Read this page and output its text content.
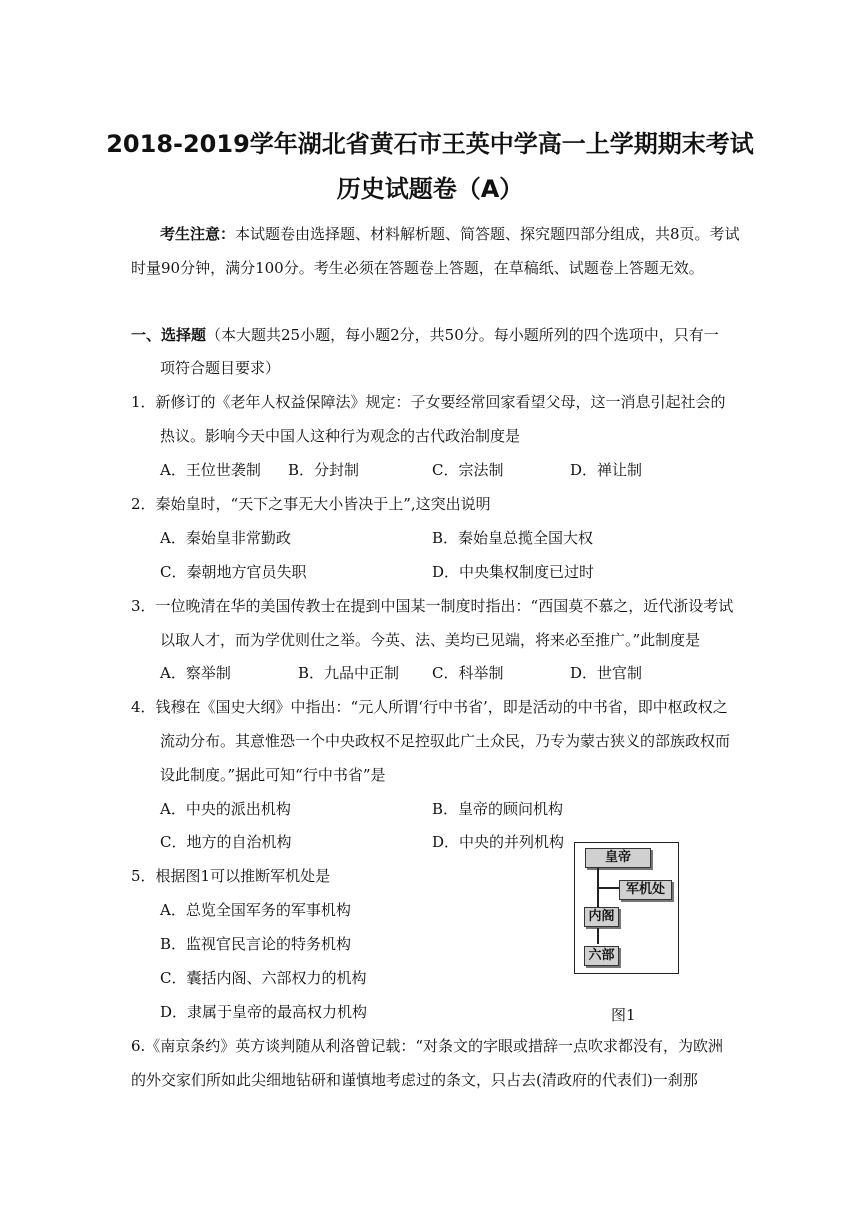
2018-2019学年湖北省黄石市王英中学高一上学期期末考试
历史试题卷（A）
考生注意：本试题卷由选择题、材料解析题、简答题、探究题四部分组成，共8页。考试
时量90分钟，满分100分。考生必须在答题卷上答题，在草稿纸、试题卷上答题无效。
一、选择题（本大题共25小题，每小题2分，共50分。每小题所列的四个选项中，只有一
项符合题目要求）
1．新修订的《老年人权益保障法》规定：子女要经常回家看望父母，这一消息引起社会的
热议。影响今天中国人这种行为观念的古代政治制度是
A．王位世袭制 B．分封制	C．宗法制	D．禅让制
2．秦始皇时，“天下之事无大小皆决于上”,这突出说明
A．秦始皇非常勤政	B．秦始皇总揽全国大权
C．秦朝地方官员失职	D．中央集权制度已过时
3．一位晚清在华的美国传教士在提到中国某一制度时指出：“西国莫不慕之，近代浙设考试
以取人才，而为学优则仕之举。今英、法、美均已见端，将来必至推广。”此制度是
A．察举制	B．九品中正制 C．科举制	D．世官制
4．钱穆在《国史大纲》中指出：“元人所谓‘行中书省’，即是活动的中书省，即中枢政权之
流动分布。其意惟恐一个中央政权不足控驭此广土众民，乃专为蒙古狭义的部族政权而
设此制度。”据此可知“行中书省”是
A．中央的派出机构	B．皇帝的顾问机构
C．地方的自治机构	D．中央的并列机构
5．根据图1可以推断军机处是
A．总览全国军务的军事机构
B．监视官民言论的特务机构
C．囊括内阁、六部权力的机构
D．隶属于皇帝的最高权力机构
皇帝
军机处
内阁
六部
图1
6.《南京条约》英方谈判随从利洛曾记载：“对条文的字眼或措辞一点吹求都没有，为欧洲
的外交家们所如此尖细地钻研和谨慎地考虑过的条文，只占去(清政府的代表们)一刹那
